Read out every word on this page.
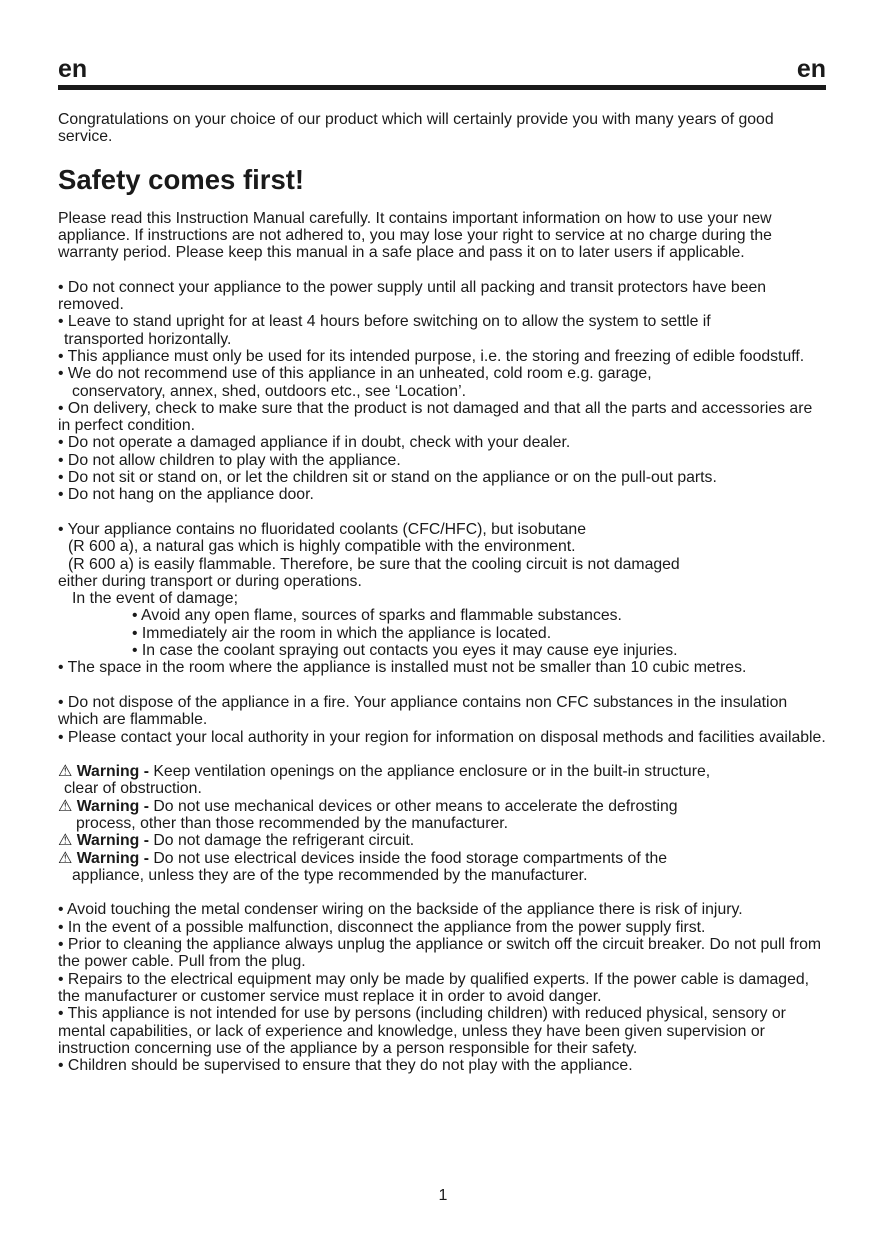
en	en
Congratulations on your choice of our product which will certainly provide you with many years of good service.
Safety comes first!
Please read this Instruction Manual carefully. It contains important information on how to use your new appliance. If instructions are not adhered to, you may lose your right to service at no charge during the warranty period. Please keep this manual in a safe place and pass it on to later users if applicable.
• Do not connect your appliance to the power supply until all packing and transit protectors have been removed.
• Leave to stand upright for at least 4 hours before switching on to allow the system to settle if
transported horizontally.
• This appliance must only be used for its intended purpose, i.e. the storing and freezing of edible foodstuff.
• We do not recommend use of this appliance in an unheated, cold room e.g. garage,
conservatory, annex, shed, outdoors etc., see ‘Location’.
• On delivery, check to make sure that the product is not damaged and that all the parts and accessories are in perfect condition.
• Do not operate a damaged appliance if in doubt, check with your dealer.
• Do not allow children to play with the appliance.
• Do not sit or stand on, or let the children sit or stand on the appliance or on the pull-out parts.
• Do not hang on the appliance door.
• Your appliance contains no fluoridated coolants (CFC/HFC), but isobutane
(R 600 a), a natural gas which is highly compatible with the environment.
(R 600 a) is easily flammable. Therefore, be sure that the cooling circuit is not damaged
either during transport or during operations.
In the event of damage;
• Avoid any open flame, sources of sparks and flammable substances.
• Immediately air the room in which the appliance is located.
• In case the coolant spraying out contacts you eyes it may cause eye injuries.
• The space in the room where the appliance is installed must not be smaller than 10 cubic metres.
• Do not dispose of the appliance in a fire. Your appliance contains non CFC substances in the insulation which are flammable.
• Please contact your local authority in your region for information on disposal methods and facilities available.
⚠ Warning - Keep ventilation openings on the appliance enclosure or in the built-in structure,
clear of obstruction.
⚠ Warning - Do not use mechanical devices or other means to accelerate the defrosting
process, other than those recommended by the manufacturer.
⚠ Warning - Do not damage the refrigerant circuit.
⚠ Warning - Do not use electrical devices inside the food storage compartments of the
appliance, unless they are of the type recommended by the manufacturer.
• Avoid touching the metal condenser wiring on the backside of the appliance there is risk of injury.
• In the event of a possible malfunction, disconnect the appliance from the power supply first.
• Prior to cleaning the appliance always unplug the appliance or switch off the circuit breaker. Do not pull from the power cable. Pull from the plug.
• Repairs to the electrical equipment may only be made by qualified experts. If the power cable is damaged, the manufacturer or customer service must replace it in order to avoid danger.
• This appliance is not intended for use by persons (including children) with reduced physical, sensory or mental capabilities, or lack of experience and knowledge, unless they have been given supervision or instruction concerning use of the appliance by a person responsible for their safety.
• Children should be supervised to ensure that they do not play with the appliance.
1
